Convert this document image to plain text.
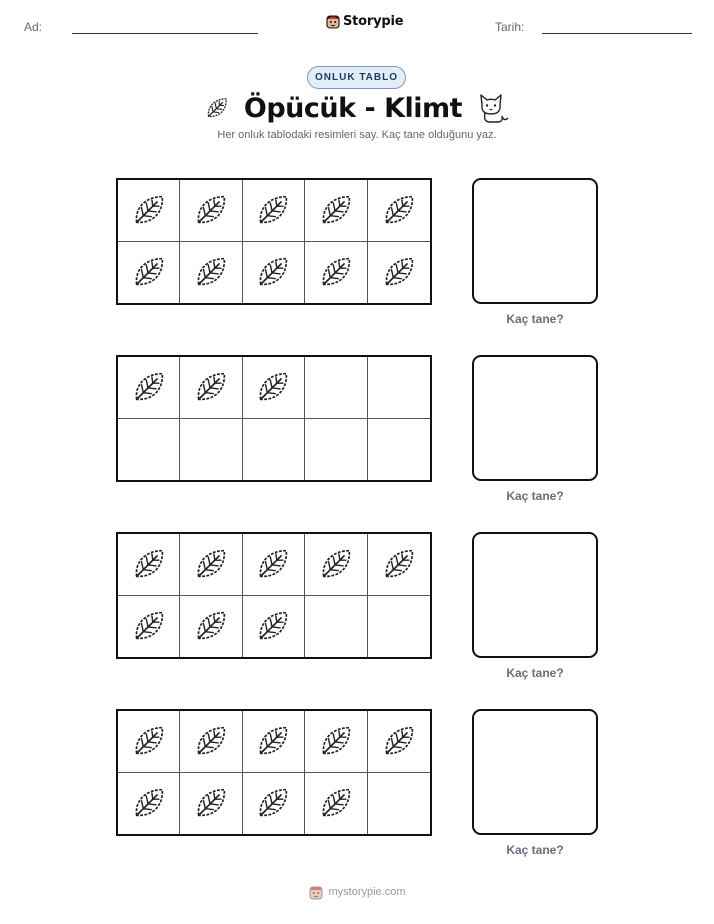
Ad:	Storypie	Tarih:
ONLUK TABLO
Öpücük - Klimt
Her onluk tablodaki resimleri say. Kaç tane olduğunu yaz.
Kaç tane?
Kaç tane?
Kaç tane?
Kaç tane?
mystorypie.com
